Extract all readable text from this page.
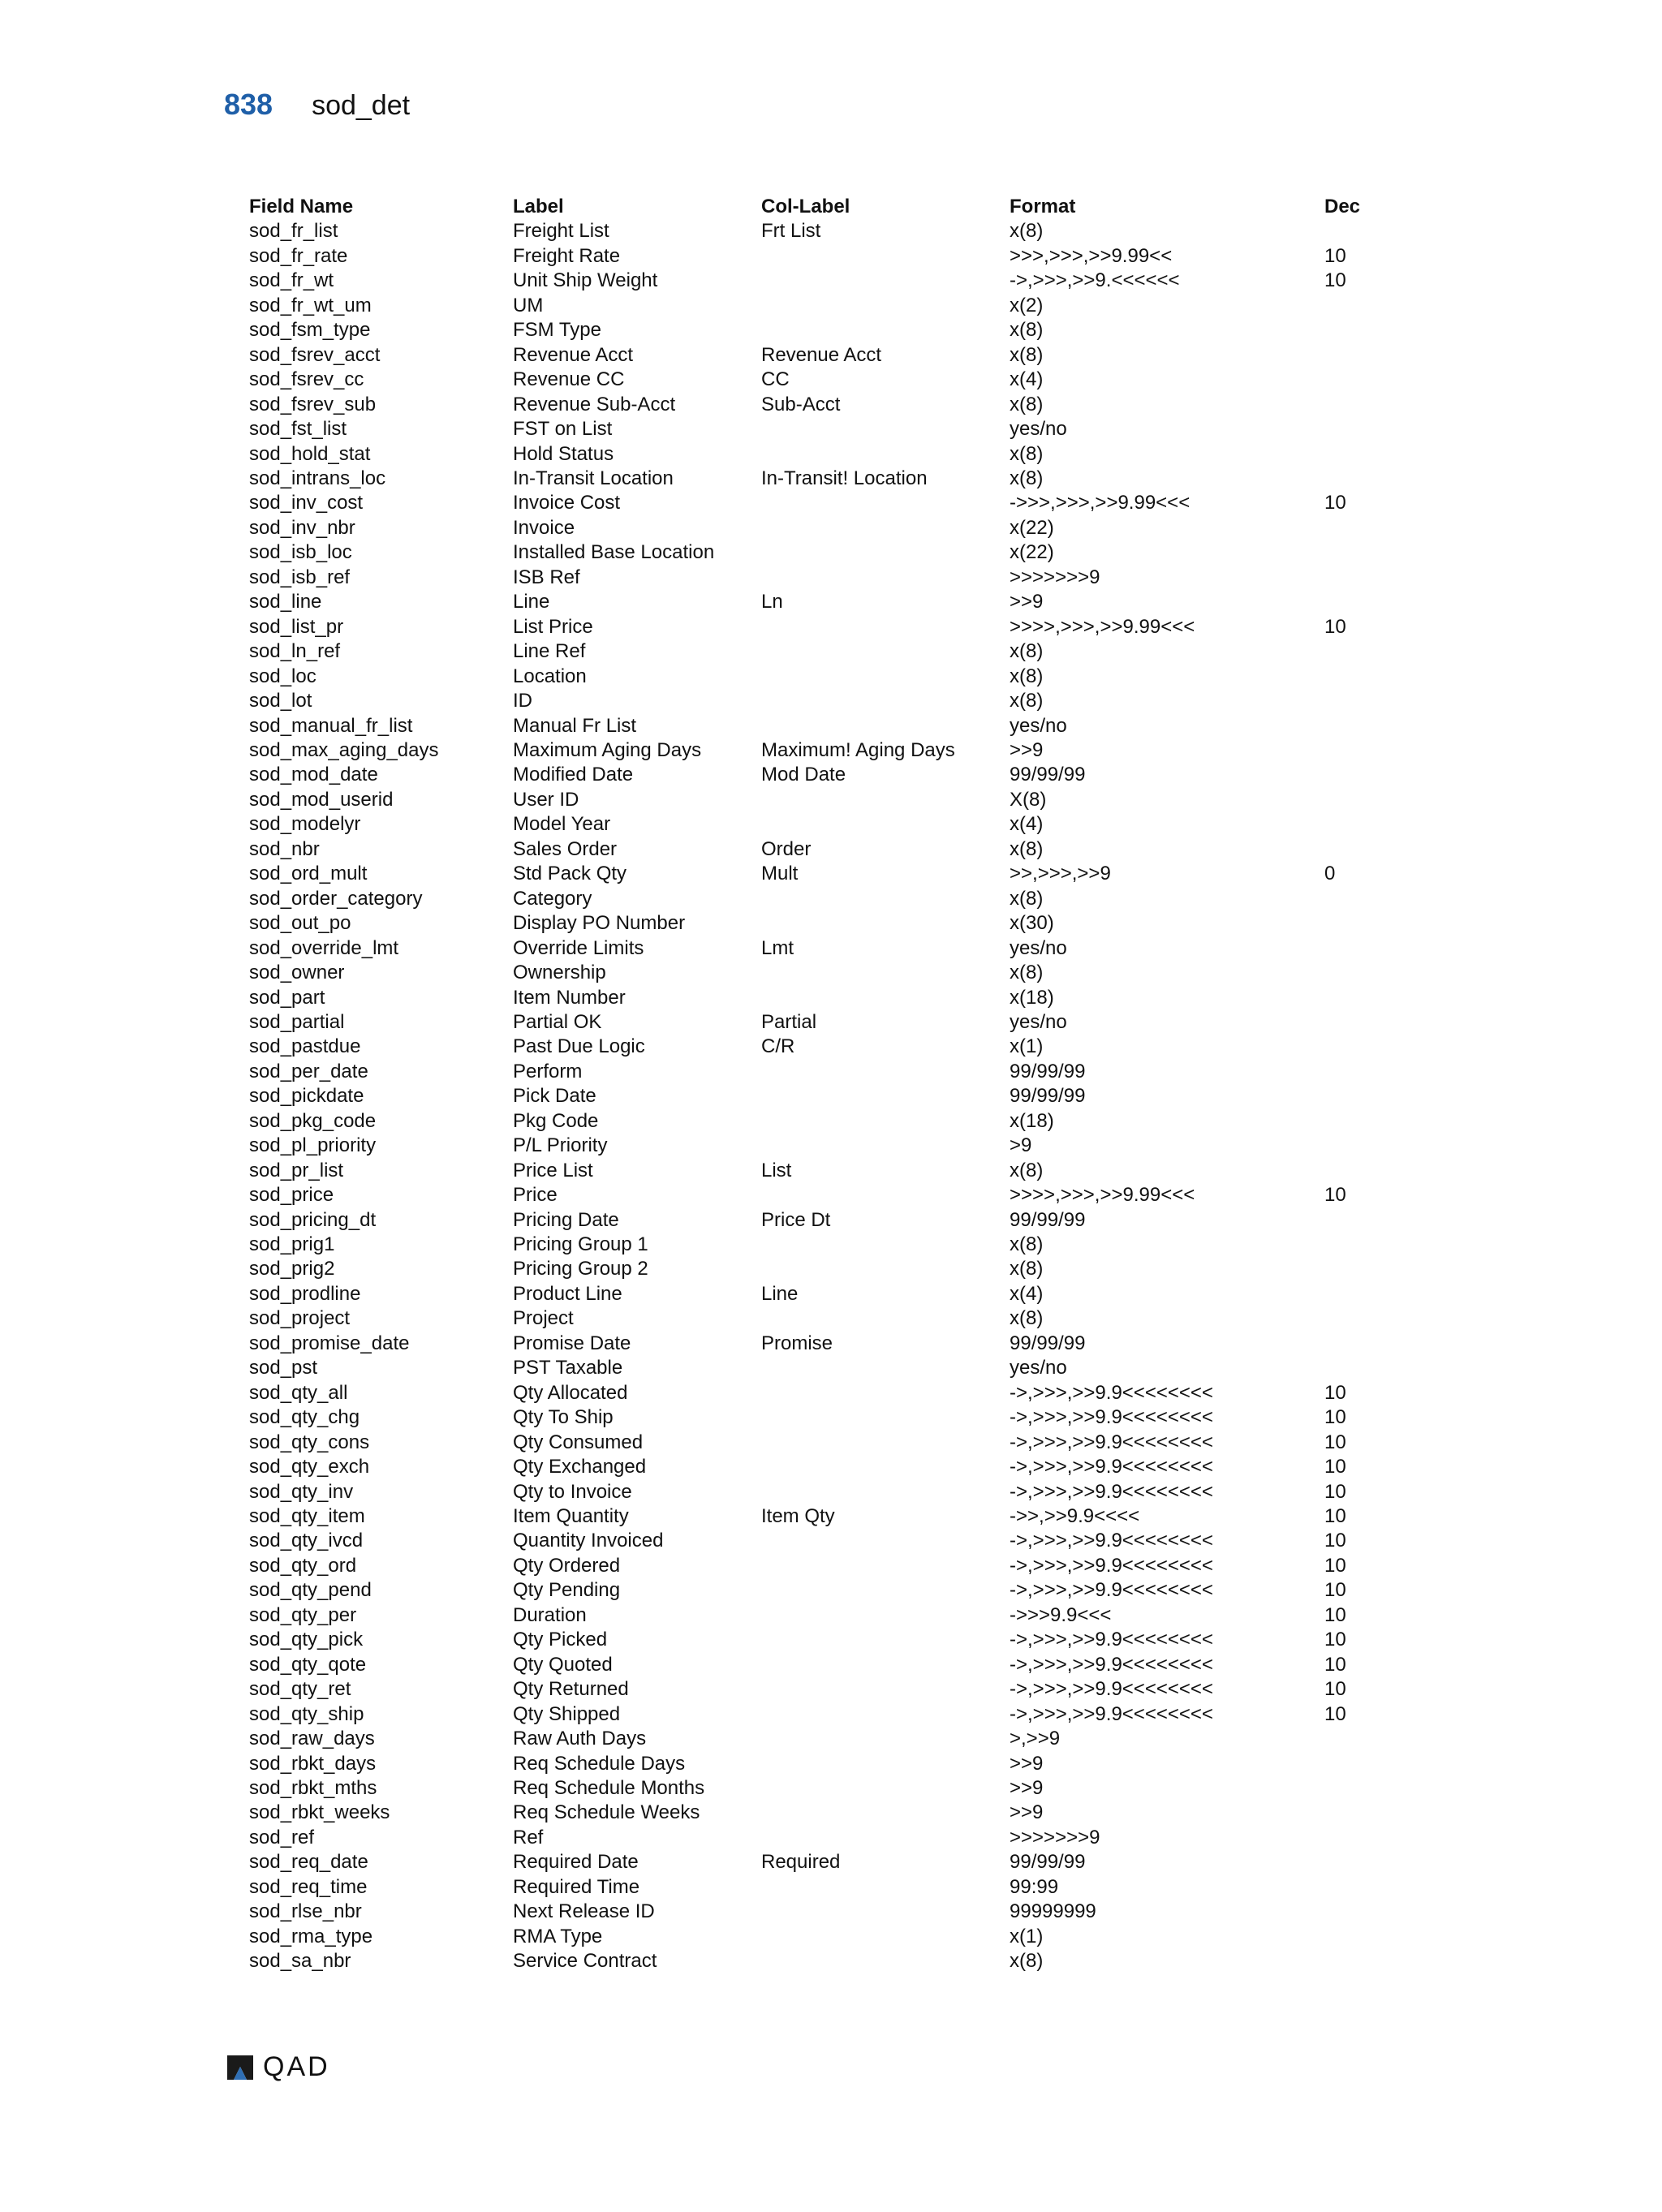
838 sod_det
Field Name	Label	Col-Label	Format	Dec
sod_fr_list	Freight List	Frt List	x(8)	
sod_fr_rate	Freight Rate		>>>,>>>,>>9.99<<	10
sod_fr_wt	Unit Ship Weight		->,>>>,>>9.<<<<<<	10
sod_fr_wt_um	UM		x(2)	
sod_fsm_type	FSM Type		x(8)	
sod_fsrev_acct	Revenue Acct	Revenue Acct	x(8)	
sod_fsrev_cc	Revenue CC	CC	x(4)	
sod_fsrev_sub	Revenue Sub-Acct	Sub-Acct	x(8)	
sod_fst_list	FST on List		yes/no	
sod_hold_stat	Hold Status		x(8)	
sod_intrans_loc	In-Transit Location	In-Transit! Location	x(8)	
sod_inv_cost	Invoice Cost		->>>,>>>,>>9.99<<<	10
sod_inv_nbr	Invoice		x(22)	
sod_isb_loc	Installed Base Location		x(22)	
sod_isb_ref	ISB Ref		>>>>>>>9	
sod_line	Line	Ln	>>9	
sod_list_pr	List Price		>>>>,>>>,>>9.99<<<	10
sod_ln_ref	Line Ref		x(8)	
sod_loc	Location		x(8)	
sod_lot	ID		x(8)	
sod_manual_fr_list	Manual Fr List		yes/no	
sod_max_aging_days	Maximum Aging Days	Maximum! Aging Days	>>9	
sod_mod_date	Modified Date	Mod Date	99/99/99	
sod_mod_userid	User ID		X(8)	
sod_modelyr	Model Year		x(4)	
sod_nbr	Sales Order	Order	x(8)	
sod_ord_mult	Std Pack Qty	Mult	>>,>>>,>>9	0
sod_order_category	Category		x(8)	
sod_out_po	Display PO Number		x(30)	
sod_override_lmt	Override Limits	Lmt	yes/no	
sod_owner	Ownership		x(8)	
sod_part	Item Number		x(18)	
sod_partial	Partial OK	Partial	yes/no	
sod_pastdue	Past Due Logic	C/R	x(1)	
sod_per_date	Perform		99/99/99	
sod_pickdate	Pick Date		99/99/99	
sod_pkg_code	Pkg Code		x(18)	
sod_pl_priority	P/L Priority		>9	
sod_pr_list	Price List	List	x(8)	
sod_price	Price		>>>>,>>>,>>9.99<<<	10
sod_pricing_dt	Pricing Date	Price Dt	99/99/99	
sod_prig1	Pricing Group 1		x(8)	
sod_prig2	Pricing Group 2		x(8)	
sod_prodline	Product Line	Line	x(4)	
sod_project	Project		x(8)	
sod_promise_date	Promise Date	Promise	99/99/99	
sod_pst	PST Taxable		yes/no	
sod_qty_all	Qty Allocated		->,>>>,>>9.9<<<<<<<<	10
sod_qty_chg	Qty To Ship		->,>>>,>>9.9<<<<<<<<	10
sod_qty_cons	Qty Consumed		->,>>>,>>9.9<<<<<<<<	10
sod_qty_exch	Qty Exchanged		->,>>>,>>9.9<<<<<<<<	10
sod_qty_inv	Qty to Invoice		->,>>>,>>9.9<<<<<<<<	10
sod_qty_item	Item Quantity	Item Qty	->>,>>9.9<<<<	10
sod_qty_ivcd	Quantity Invoiced		->,>>>,>>9.9<<<<<<<<	10
sod_qty_ord	Qty Ordered		->,>>>,>>9.9<<<<<<<<	10
sod_qty_pend	Qty Pending		->,>>>,>>9.9<<<<<<<<	10
sod_qty_per	Duration		->>>9.9<<<	10
sod_qty_pick	Qty Picked		->,>>>,>>9.9<<<<<<<<	10
sod_qty_qote	Qty Quoted		->,>>>,>>9.9<<<<<<<<	10
sod_qty_ret	Qty Returned		->,>>>,>>9.9<<<<<<<<	10
sod_qty_ship	Qty Shipped		->,>>>,>>9.9<<<<<<<<	10
sod_raw_days	Raw Auth Days		>,>>9	
sod_rbkt_days	Req Schedule Days		>>9	
sod_rbkt_mths	Req Schedule Months		>>9	
sod_rbkt_weeks	Req Schedule Weeks		>>9	
sod_ref	Ref		>>>>>>>9	
sod_req_date	Required Date	Required	99/99/99	
sod_req_time	Required Time		99:99	
sod_rlse_nbr	Next Release ID		99999999	
sod_rma_type	RMA Type		x(1)	
sod_sa_nbr	Service Contract		x(8)	
QAD
